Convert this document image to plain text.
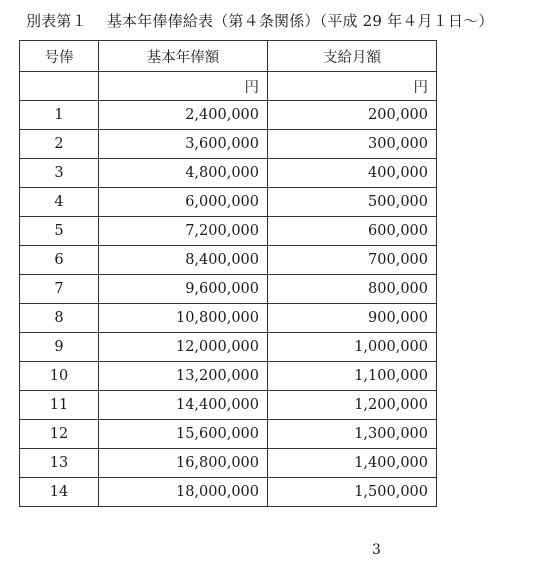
別表第１ 基本年俸俸給表（第４条関係）（平成 29 年４月１日～）
号俸	基本年俸額	支給月額
	円	円
1	2,400,000	200,000
2	3,600,000	300,000
3	4,800,000	400,000
4	6,000,000	500,000
5	7,200,000	600,000
6	8,400,000	700,000
7	9,600,000	800,000
8	10,800,000	900,000
9	12,000,000	1,000,000
10	13,200,000	1,100,000
11	14,400,000	1,200,000
12	15,600,000	1,300,000
13	16,800,000	1,400,000
14	18,000,000	1,500,000
3
